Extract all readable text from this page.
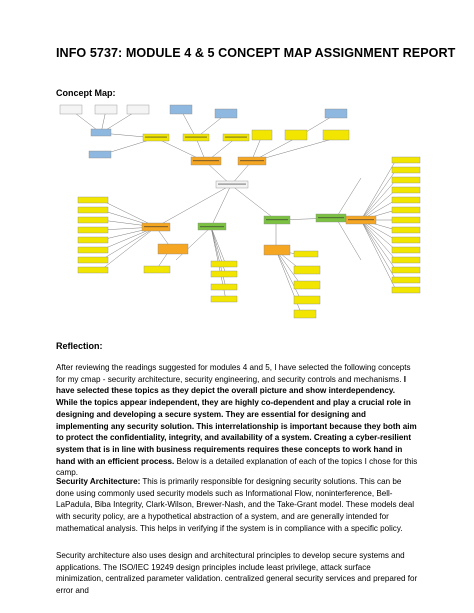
INFO 5737: MODULE 4 & 5 CONCEPT MAP ASSIGNMENT REPORT
Concept Map:
Reflection:

After reviewing the readings suggested for modules 4 and 5, I have selected the following concepts for my cmap - security architecture, security engineering, and security controls and mechanisms. I have selected these topics as they depict the overall picture and show interdependency. While the topics appear independent, they are highly co-dependent and play a crucial role in designing and developing a secure system. They are essential for designing and implementing any security solution. This interrelationship is important because they both aim to protect the confidentiality, integrity, and availability of a system. Creating a cyber-resilient system that is in line with business requirements requires these concepts to work hand in hand with an efficient process. Below is a detailed explanation of each of the topics I chose for this camp.

Security Architecture: This is primarily responsible for designing security solutions. This can be done using commonly used security models such as Informational Flow, noninterference, Bell-LaPadula, Biba Integrity, Clark-Wilson, Brewer-Nash, and the Take-Grant model. These models deal with security policy, are a hypothetical abstraction of a system, and are generally intended for mathematical analysis. This helps in verifying if the system is in compliance with a specific policy.

Security architecture also uses design and architectural principles to develop secure systems and applications. The ISO/IEC 19249 design principles include least privilege, attack surface minimization, centralized parameter validation. centralized general security services and prepared for error and
